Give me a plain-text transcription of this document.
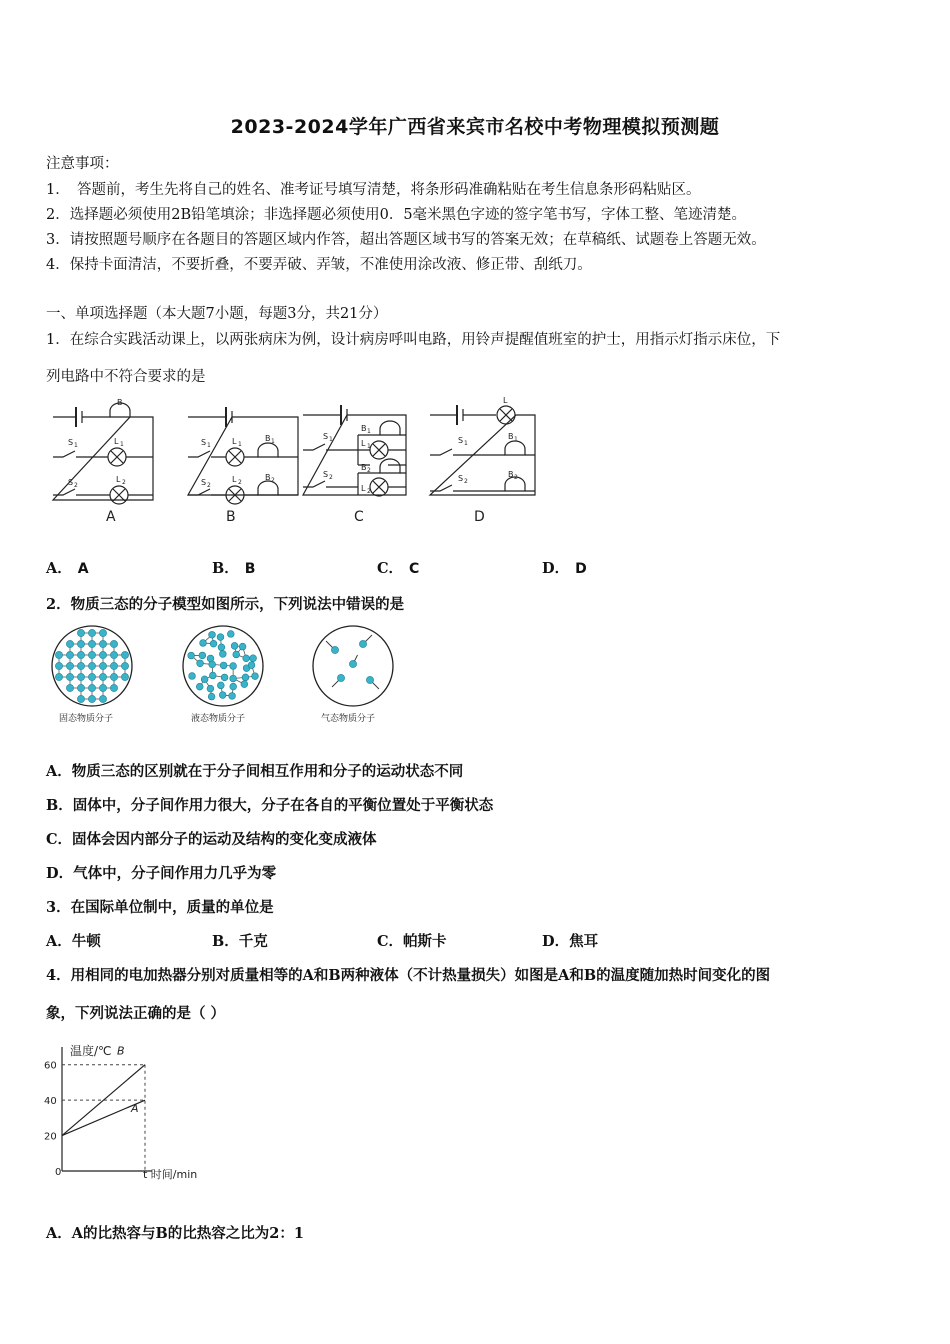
2023-2024学年广西省来宾市名校中考物理模拟预测题
注意事项：
1．　答题前，考生先将自己的姓名、准考证号填写清楚，将条形码准确粘贴在考生信息条形码粘贴区。
2．选择题必须使用2B铅笔填涂；非选择题必须使用0．5毫米黑色字迹的签字笔书写，字体工整、笔迹清楚。
3．请按照题号顺序在各题目的答题区域内作答，超出答题区域书写的答案无效；在草稿纸、试题卷上答题无效。
4．保持卡面清洁，不要折叠，不要弄破、弄皱，不准使用涂改液、修正带、刮纸刀。
一、单项选择题（本大题7小题，每题3分，共21分）
1．在综合实践活动课上，以两张病床为例，设计病房呼叫电路，用铃声提醒值班室的护士，用指示灯指示床位，下
列电路中不符合要求的是
B
S 1	L 1
S 2
L 2
S 1	L 1
B 1
S 2
L 2
B 2
S 1
B 1
L 1
S 2
B 2
L 2
L
S 1
B 1
S 2
B 2
A	B	C	D
A． A	B． B	C． C	D． D
2．物质三态的分子模型如图所示，下列说法中错误的是
固态物质分子	液态物质分子	气态物质分子
A．物质三态的区别就在于分子间相互作用和分子的运动状态不同
B．固体中，分子间作用力很大，分子在各自的平衡位置处于平衡状态
C．固体会因内部分子的运动及结构的变化变成液体
D．气体中，分子间作用力几乎为零
3．在国际单位制中，质量的单位是
A．牛顿	B．千克	C．帕斯卡	D．焦耳
4．用相同的电加热器分别对质量相等的A和B两种液体（不计热量损失）如图是A和B的温度随加热时间变化的图
象，下列说法正确的是（ ）
20
40
60
B
A
温度/℃
t 时间/min
0
A．A的比热容与B的比热容之比为2：1
